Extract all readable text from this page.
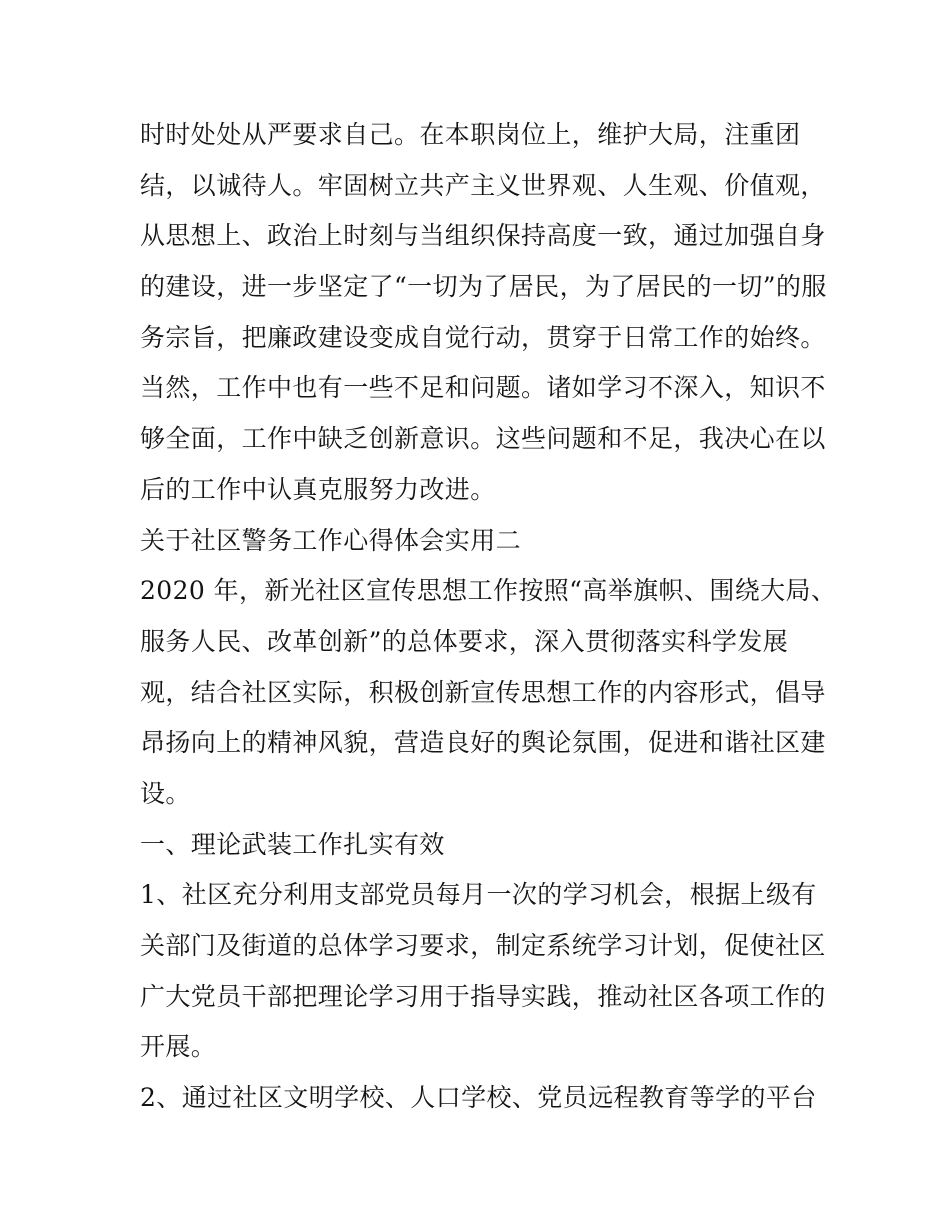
时时处处从严要求自己。在本职岗位上，维护大局，注重团
结，以诚待人。牢固树立共产主义世界观、人生观、价值观，
从思想上、政治上时刻与当组织保持高度一致，通过加强自身
的建设，进一步坚定了“一切为了居民，为了居民的一切”的服
务宗旨，把廉政建设变成自觉行动，贯穿于日常工作的始终。
当然，工作中也有一些不足和问题。诸如学习不深入，知识不
够全面，工作中缺乏创新意识。这些问题和不足，我决心在以
后的工作中认真克服努力改进。
关于社区警务工作心得体会实用二
2020 年，新光社区宣传思想工作按照“高举旗帜、围绕大局、
服务人民、改革创新”的总体要求，深入贯彻落实科学发展
观，结合社区实际，积极创新宣传思想工作的内容形式，倡导
昂扬向上的精神风貌，营造良好的舆论氛围，促进和谐社区建
设。
一、理论武装工作扎实有效
1、社区充分利用支部党员每月一次的学习机会，根据上级有
关部门及街道的总体学习要求，制定系统学习计划，促使社区
广大党员干部把理论学习用于指导实践，推动社区各项工作的
开展。
2、通过社区文明学校、人口学校、党员远程教育等学的平台
